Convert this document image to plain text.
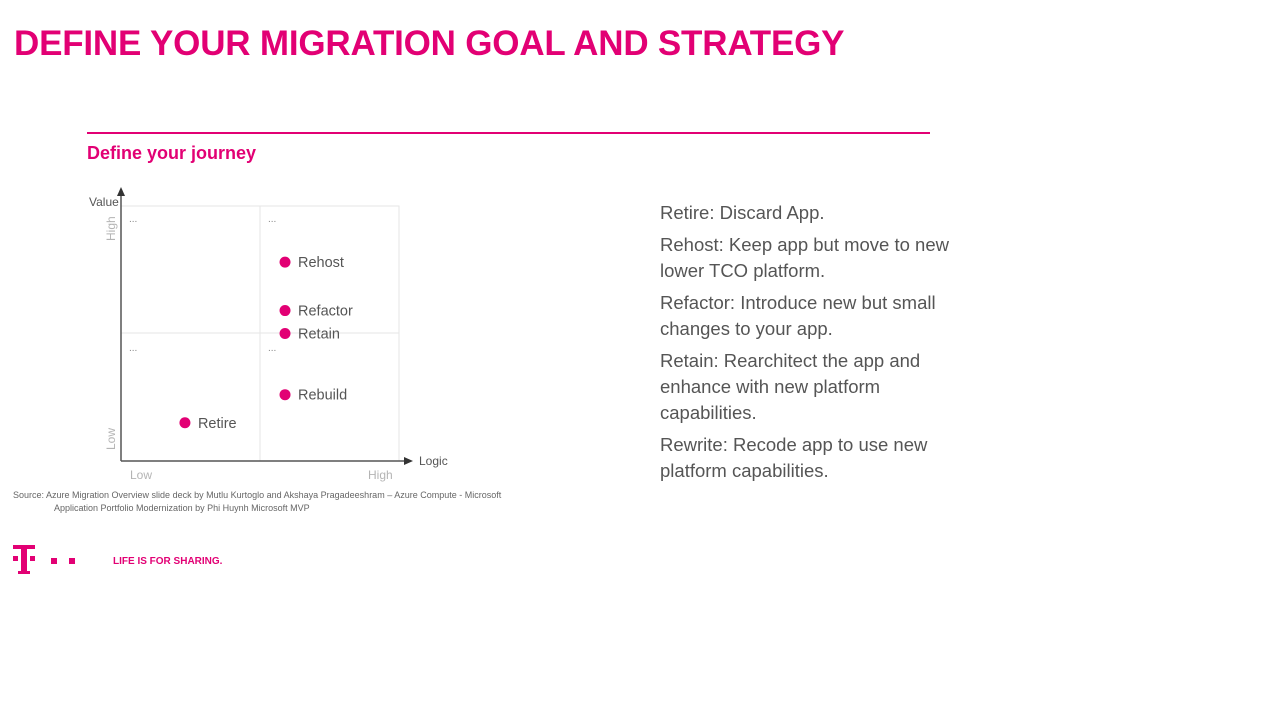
DEFINE YOUR MIGRATION GOAL AND STRATEGY
Define your journey
Value
Logic
Low	High
Low
High ...	...
...	...
Rehost
Refactor
Retain
Rebuild
Retire

Retire: Discard App.

Rehost: Keep app but move to new lower TCO platform.

Refactor: Introduce new but small changes to your app.

Retain: Rearchitect the app and enhance with new platform capabilities.

Rewrite: Recode app to use new platform capabilities.

Source: Azure Migration Overview slide deck by Mutlu Kurtoglo and Akshaya Pragadeeshram – Azure Compute - Microsoft
Application Portfolio Modernization by Phi Huynh Microsoft MVP
LIFE IS FOR SHARING.
